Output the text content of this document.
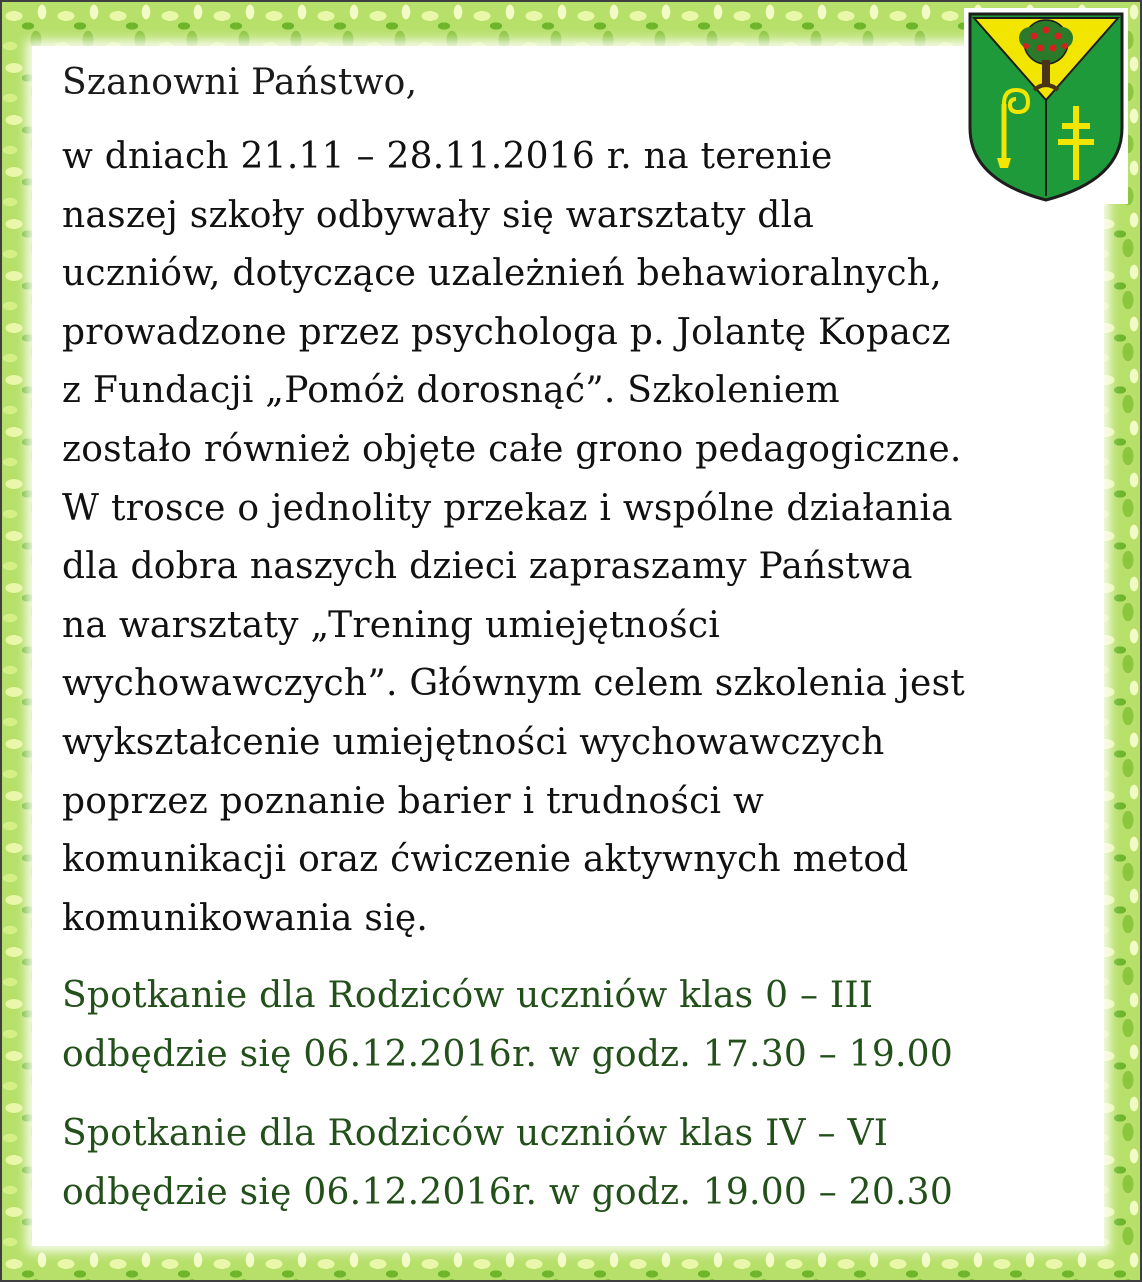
Szanowni Państwo,

w dniach 21.11 – 28.11.2016 r. na terenie
naszej szkoły odbywały się warsztaty dla
uczniów, dotyczące uzależnień behawioralnych,
prowadzone przez psychologa p. Jolantę Kopacz
z Fundacji „Pomóż dorosnąć”. Szkoleniem
zostało również objęte całe grono pedagogiczne.
W trosce o jednolity przekaz i wspólne działania
dla dobra naszych dzieci zapraszamy Państwa
na warsztaty „Trening umiejętności
wychowawczych”. Głównym celem szkolenia jest
wykształcenie umiejętności wychowawczych
poprzez poznanie barier i trudności w
komunikacji oraz ćwiczenie aktywnych metod
komunikowania się.
Spotkanie dla Rodziców uczniów klas 0 – III
odbędzie się 06.12.2016r. w godz. 17.30 – 19.00
Spotkanie dla Rodziców uczniów klas IV – VI
odbędzie się 06.12.2016r. w godz. 19.00 – 20.30
